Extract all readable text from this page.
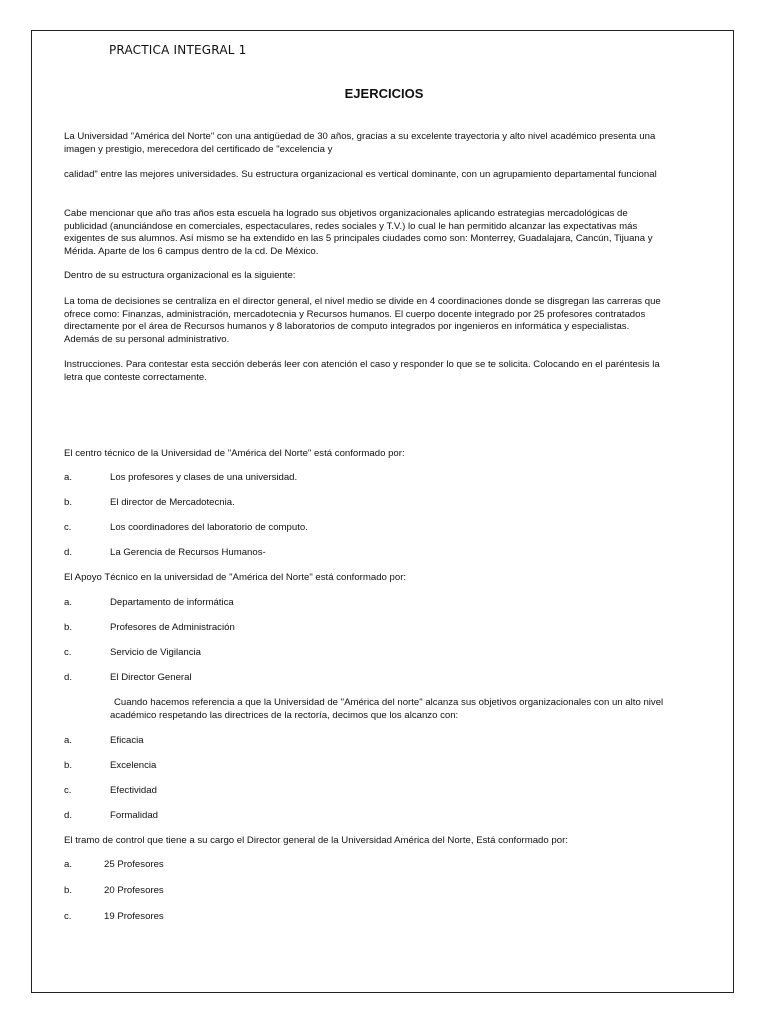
PRACTICA INTEGRAL 1
EJERCICIOS

La Universidad "América del Norte" con una antigüedad de 30 años, gracias a su excelente trayectoria y alto nivel académico presenta una imagen y prestigio, merecedora del certificado de "excelencia y

calidad" entre las mejores universidades. Su estructura organizacional es vertical dominante, con un agrupamiento departamental funcional

Cabe mencionar que año tras años esta escuela ha logrado sus objetivos organizacionales aplicando estrategias mercadológicas de publicidad (anunciándose en comerciales, espectaculares, redes sociales y T.V.) lo cual le han permitido alcanzar las expectativas más exigentes de sus alumnos. Así mismo se ha extendido en las 5 principales ciudades como son: Monterrey, Guadalajara, Cancún, Tijuana y Mérida. Aparte de los 6 campus dentro de la cd. De México.

Dentro de su estructura organizacional es la siguiente:

La toma de decisiones se centraliza en el director general, el nivel medio se divide en 4 coordinaciones donde se disgregan las carreras que ofrece como: Finanzas, administración, mercadotecnia y Recursos humanos. El cuerpo docente integrado por 25 profesores contratados directamente por el área de Recursos humanos y 8 laboratorios de computo integrados por ingenieros en informática y especialistas. Además de su personal administrativo.

Instrucciones. Para contestar esta sección deberás leer con atención el caso y responder lo que se te solicita. Colocando en el paréntesis la letra que conteste correctamente.

El centro técnico de la Universidad de "América del Norte" está conformado por:

a.	Los profesores y clases de una universidad.
b.	El director de Mercadotecnia.
c.	Los coordinadores del laboratorio de computo.
d.	La Gerencia de Recursos Humanos-

El Apoyo Técnico en la universidad de "América del Norte" está conformado por:

a.	Departamento de informática
b.	Profesores de Administración
c.	Servicio de Vigilancia
d.	El Director General

Cuando hacemos referencia a que la Universidad de "América del norte" alcanza sus objetivos organizacionales con un alto nivel académico respetando las directrices de la rectoría, decimos que los alcanzo con:

a.	Eficacia
b.	Excelencia
c.	Efectividad
d.	Formalidad

El tramo de control que tiene a su cargo el Director general de la Universidad América del Norte, Está conformado por:

a.	25 Profesores
b.	20 Profesores
c.	19 Profesores
